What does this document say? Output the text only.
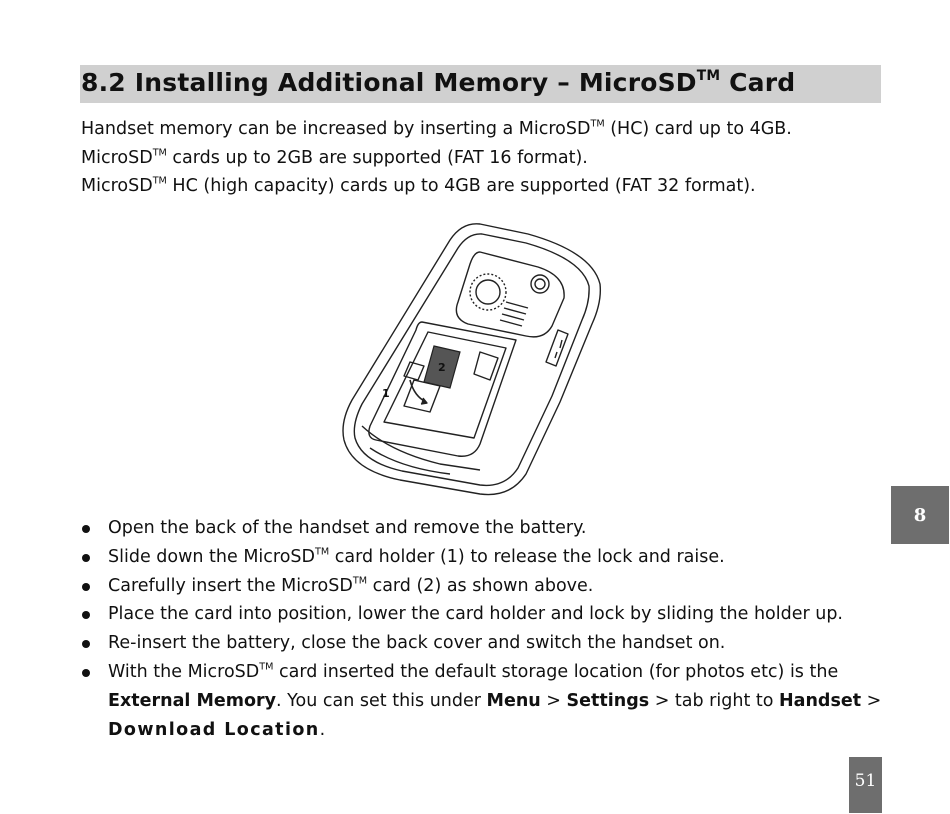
8.2 Installing Additional Memory – MicroSD™ Card

Handset memory can be increased by inserting a MicroSD™ (HC) card up to 4GB.

MicroSD™ cards up to 2GB are supported (FAT 16 format).

MicroSD™ HC (high capacity) cards up to 4GB are supported (FAT 32 format).

2
1
Open the back of the handset and remove the battery.
Slide down the MicroSD™ card holder (1) to release the lock and raise.
Carefully insert the MicroSD™ card (2) as shown above.
Place the card into position, lower the card holder and lock by sliding the holder up.
Re-insert the battery, close the back cover and switch the handset on.
With the MicroSD™ card inserted the default storage location (for photos etc) is the External Memory. You can set this under Menu > Settings > tab right to Handset > Download Location.
8
51
